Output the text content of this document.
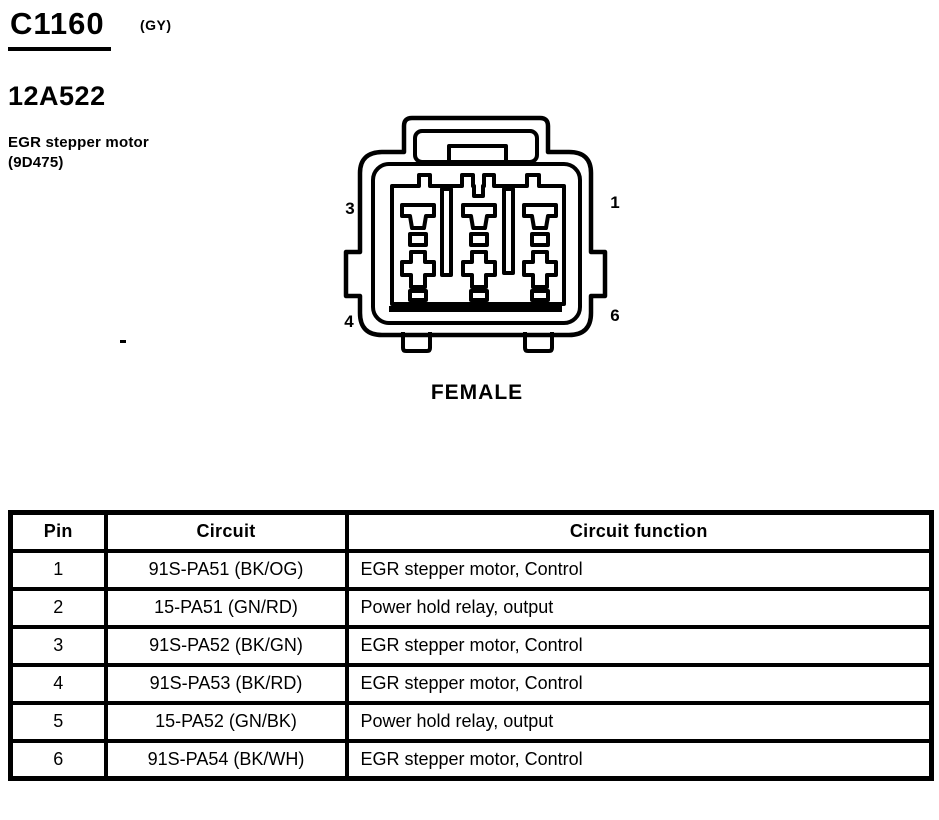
C1160	(GY)
12A522
EGR stepper motor
(9D475)
3	1
4	6
FEMALE
Pin	Circuit	Circuit function
1	91S-PA51 (BK/OG)	EGR stepper motor, Control
2	15-PA51 (GN/RD)	Power hold relay, output
3	91S-PA52 (BK/GN)	EGR stepper motor, Control
4	91S-PA53 (BK/RD)	EGR stepper motor, Control
5	15-PA52 (GN/BK)	Power hold relay, output
6	91S-PA54 (BK/WH)	EGR stepper motor, Control
